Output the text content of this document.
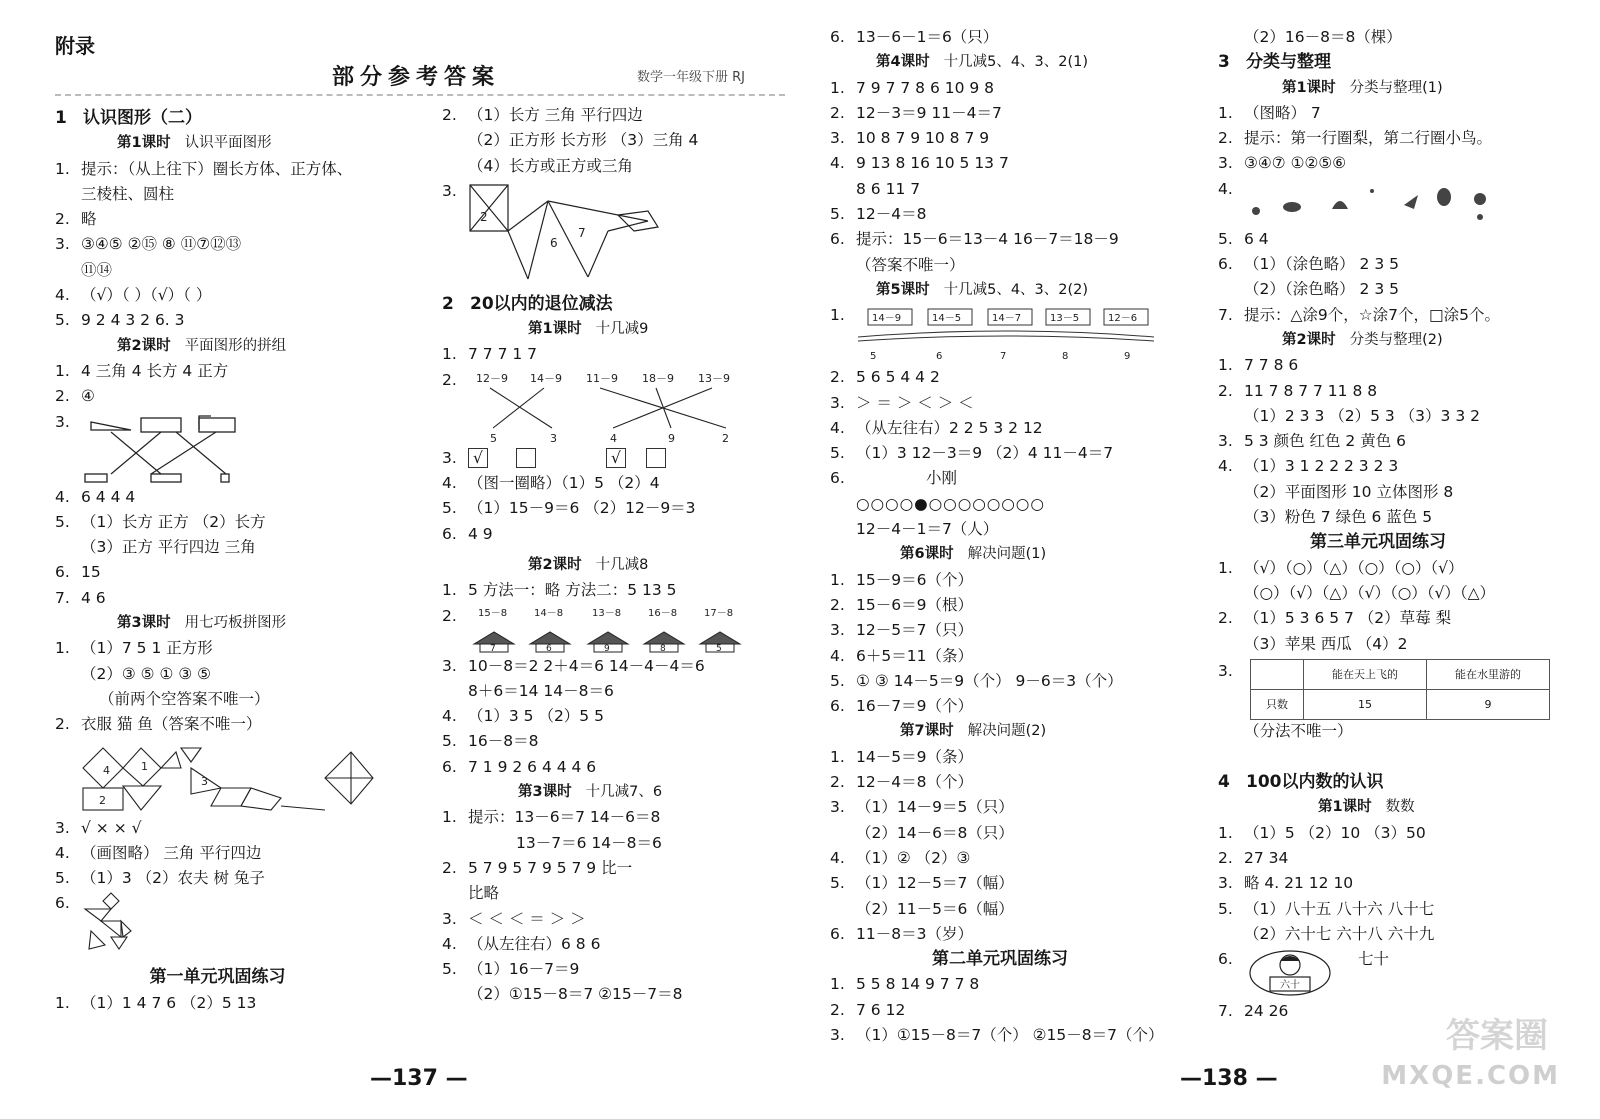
附录
部分参考答案	数学一年级下册 RJ
1 认识图形（二）
第1课时 认识平面图形
1. 提示：（从上往下）圈长方体、正方体、
三棱柱、圆柱
2. 略
3. ③④⑤ ②⑮ ⑧ ⑪⑦⑫⑬
⑪⑭
4. （√）（ ）（√）（ ）
5. 9 2 4 3 2 6. 3
第2课时 平面图形的拼组
1. 4 三角 4 长方 4 正方
2. ④
3.
4. 6 4 4 4
5. （1）长方 正方 （2）长方
（3）正方 平行四边 三角
6. 15
7. 4 6
第3课时 用七巧板拼图形
1. （1）7 5 1 正方形
（2）③ ⑤ ① ③ ⑤
（前两个空答案不唯一）
2. 衣服 猫 鱼（答案不唯一）
4	1
2
3
3. √ × × √
4. （画图略） 三角 平行四边
5. （1）3 （2）农夫 树 兔子
6.
第一单元巩固练习
1. （1）1 4 7 6 （2）5 13
2. （1）长方 三角 平行四边
（2）正方形 长方形 （3）三角 4
（4）长方或正方或三角
3.
2
6
7
2 20以内的退位减法
第1课时 十几减9
1. 7 7 7 1 7
2. 12－9 14－9 11－9 18－9 13－9
5	3	4	9	2
3. √	√
4. （图一圈略）（1）5 （2）4
5. （1）15－9＝6 （2）12－9＝3
6. 4 9
第2课时 十几减8
1. 5 方法一：略 方法二：5 13 5
2. 15－8	14－8	13－8	16－8	17－8
7	6	9	8	5
3. 10－8＝2 2＋4＝6 14－4－4＝6
8＋6＝14 14－8＝6
4. （1）3 5 （2）5 5
5. 16－8＝8
6. 7 1 9 2 6 4 4 4 6
第3课时 十几减7、6
1. 提示：13－6＝7 14－6＝8
13－7＝6 14－8＝6
2. 5 7 9 5 7 9 5 7 9 比一
比略
3. ＜ ＜ ＜ ＝ ＞ ＞
4. （从左往右）6 8 6
5. （1）16－7＝9
（2）①15－8＝7 ②15－7＝8
—137 —
6. 13－6－1＝6（只）
第4课时 十几减5、4、3、2(1)
1. 7 9 7 7 8 6 10 9 8
2. 12－3＝9 11－4＝7
3. 10 8 7 9 10 8 7 9
4. 9 13 8 16 10 5 13 7
8 6 11 7
5. 12－4＝8
6. 提示：15－6＝13－4 16－7＝18－9
（答案不唯一）
第5课时 十几减5、4、3、2(2)
1.	14－9	14－5	14－7	13－5	12－6
5	6	7	8	9
2. 5 6 5 4 4 2
3. ＞ ＝ ＞ ＜ ＞ ＜
4. （从左往右）2 2 5 3 2 12
5. （1）3 12－3＝9 （2）4 11－4＝7
6.	小刚
○○○○●○○○○○○○○
12－4－1＝7（人）
第6课时 解决问题(1)
1. 15－9＝6（个）
2. 15－6＝9（根）
3. 12－5＝7（只）
4. 6＋5＝11（条）
5. ① ③ 14－5＝9（个） 9－6＝3（个）
6. 16－7＝9（个）
第7课时 解决问题(2)
1. 14－5＝9（条）
2. 12－4＝8（个）
3. （1）14－9＝5（只）
（2）14－6＝8（只）
4. （1）② （2）③
5. （1）12－5＝7（幅）
（2）11－5＝6（幅）
6. 11－8＝3（岁）
第二单元巩固练习
1. 5 5 8 14 9 7 7 8
2. 7 6 12
3. （1）①15－8＝7（个） ②15－8＝7（个）
（2）16－8＝8（棵）
3 分类与整理
第1课时 分类与整理(1)
1. （图略） 7
2. 提示：第一行圈梨，第二行圈小鸟。
3. ③④⑦ ①②⑤⑥
4.
5. 6 4
6. （1）（涂色略） 2 3 5
（2）（涂色略） 2 3 5
7. 提示：△涂9个，☆涂7个，□涂5个。
第2课时 分类与整理(2)
1. 7 7 8 6
2. 11 7 8 7 7 11 8 8
（1）2 3 3 （2）5 3 （3）3 3 2
3. 5 3 颜色 红色 2 黄色 6
4. （1）3 1 2 2 2 3 2 3
（2）平面图形 10 立体图形 8
（3）粉色 7 绿色 6 蓝色 5
第三单元巩固练习
1. （√）（○）（△）（○）（○）（√）
（○）（√）（△）（√）（○）（√）（△）
2. （1）5 3 6 5 7 （2）草莓 梨
（3）苹果 西瓜 （4）2
3.
		能在天上飞的	能在水里游的
只数	15	9
（分法不唯一）
4 100以内数的认识
第1课时 数数
1. （1）5 （2）10 （3）50
2. 27 34
3. 略 4. 21 12 10
5. （1）八十五 八十六 八十七
（2）六十七 六十八 六十九
6.
六十
七十
7. 24 26
—138 —
答案圈
MXQE.COM
